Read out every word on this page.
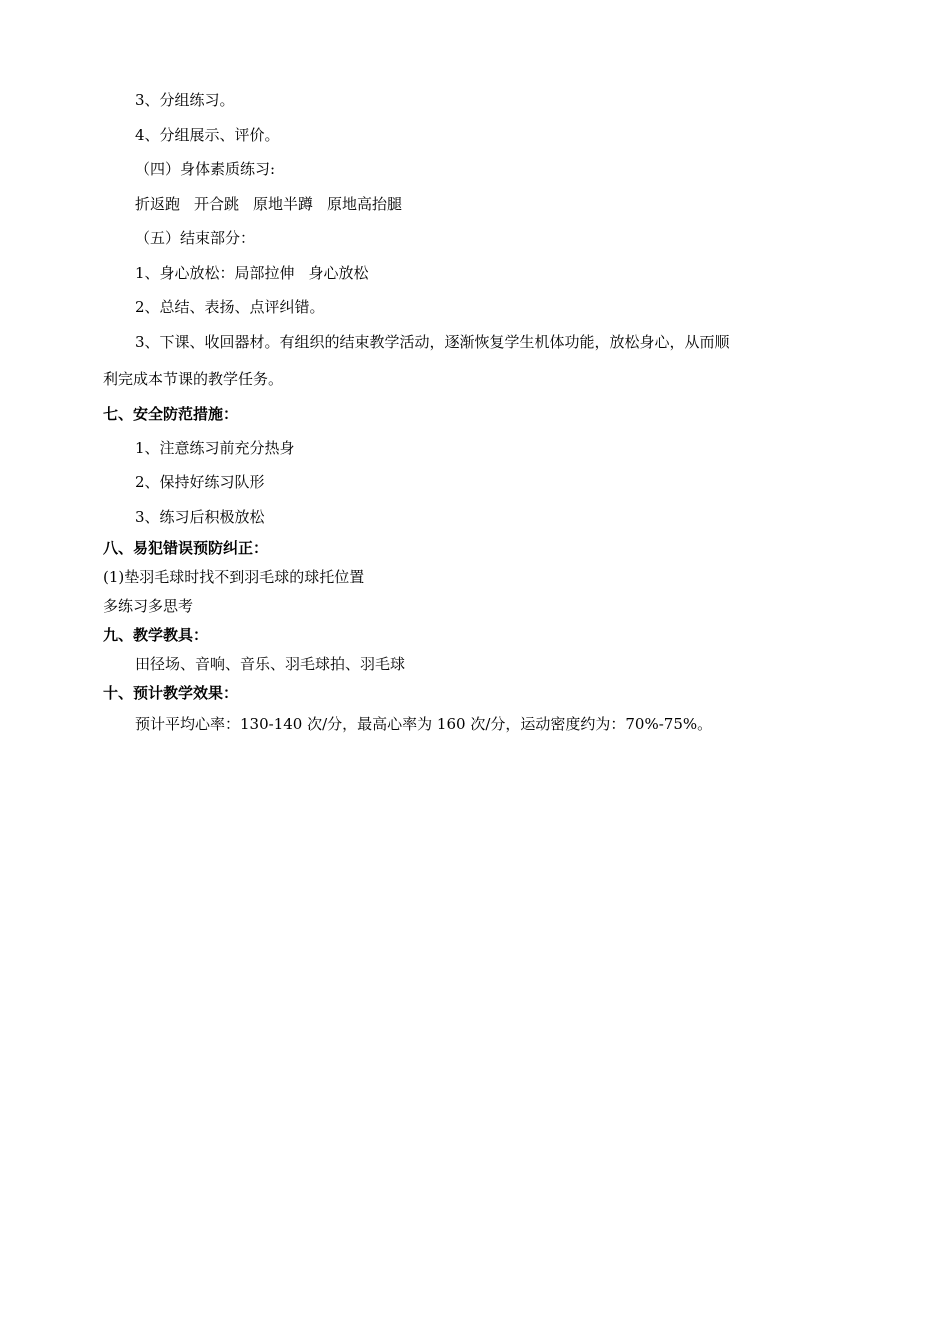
3、分组练习。
4、分组展示、评价。
（四）身体素质练习:
折返跑 开合跳 原地半蹲 原地高抬腿
（五）结束部分：
1、身心放松：局部拉伸 身心放松
2、总结、表扬、点评纠错。
3、下课、收回器材。有组织的结束教学活动，逐渐恢复学生机体功能，放松身心，从而顺
利完成本节课的教学任务。
七、安全防范措施：
1、注意练习前充分热身
2、保持好练习队形
3、练习后积极放松
八、易犯错误预防纠正：
(1)垫羽毛球时找不到羽毛球的球托位置
多练习多思考
九、教学教具：
田径场、音响、音乐、羽毛球拍、羽毛球
十、预计教学效果：
预计平均心率：130-140 次/分，最高心率为 160 次/分，运动密度约为：70%-75%。
